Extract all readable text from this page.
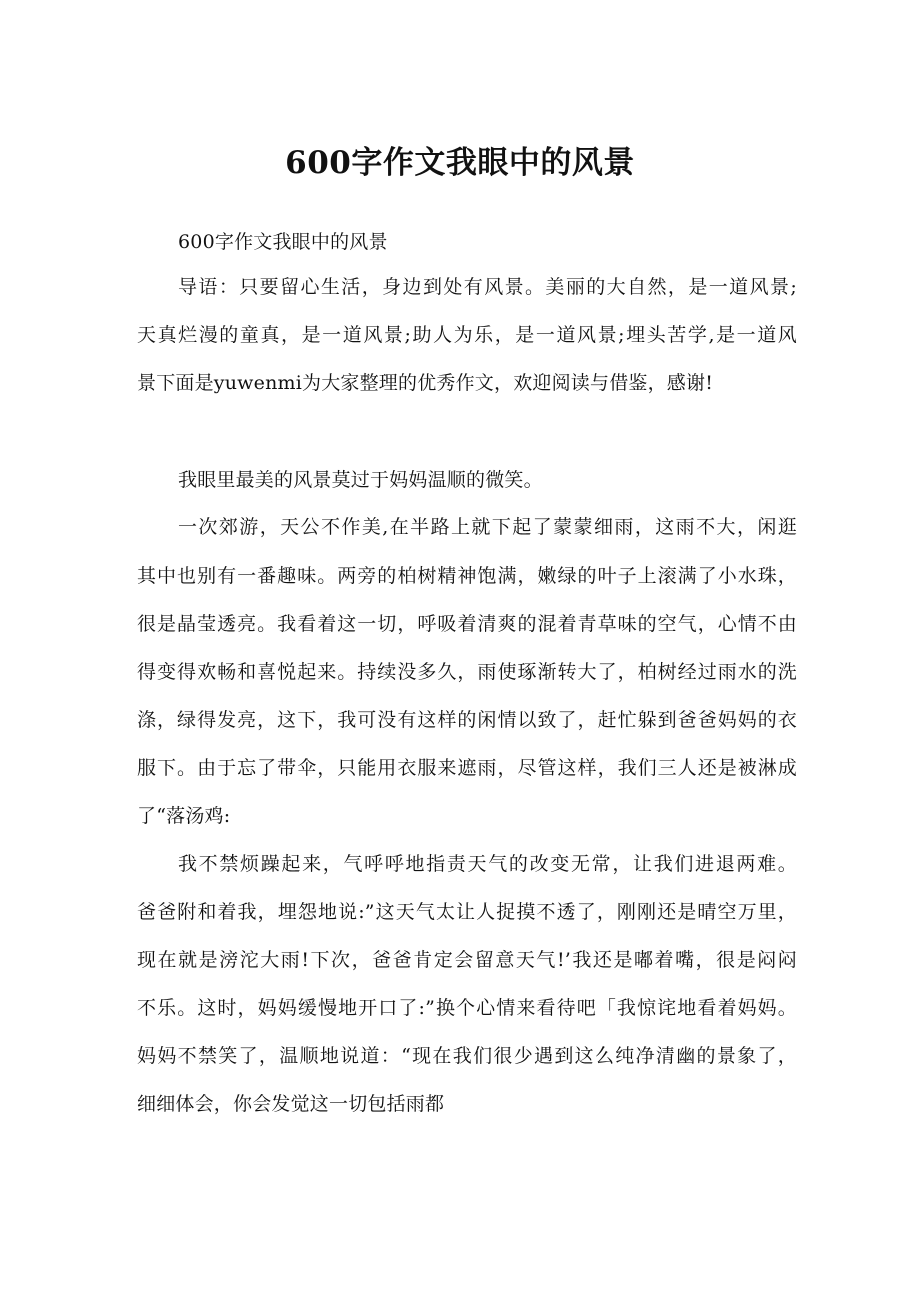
600字作文我眼中的风景
600字作文我眼中的风景
导语：只要留心生活，身边到处有风景。美丽的大自然，是一道风景;
天真烂漫的童真，是一道风景;助人为乐，是一道风景;埋头苦学,是一道风
景下面是yuwenmi为大家整理的优秀作文，欢迎阅读与借鉴，感谢!
我眼里最美的风景莫过于妈妈温顺的微笑。
一次郊游，天公不作美,在半路上就下起了蒙蒙细雨，这雨不大，闲逛
其中也别有一番趣味。两旁的柏树精神饱满，嫩绿的叶子上滚满了小水珠，
很是晶莹透亮。我看着这一切，呼吸着清爽的混着青草味的空气，心情不由
得变得欢畅和喜悦起来。持续没多久，雨使琢渐转大了，柏树经过雨水的洗
涤，绿得发亮，这下，我可没有这样的闲情以致了，赶忙躲到爸爸妈妈的衣
服下。由于忘了带伞，只能用衣服来遮雨，尽管这样，我们三人还是被淋成
了“落汤鸡:
我不禁烦躁起来，气呼呼地指责天气的改变无常，让我们进退两难。
爸爸附和着我，埋怨地说:”这天气太让人捉摸不透了，刚刚还是晴空万里，
现在就是滂沱大雨!下次，爸爸肯定会留意天气!’我还是嘟着嘴，很是闷闷
不乐。这时，妈妈缓慢地开口了:”换个心情来看待吧「我惊诧地看着妈妈。
妈妈不禁笑了，温顺地说道：“现在我们很少遇到这么纯净清幽的景象了，
细细体会，你会发觉这一切包括雨都
